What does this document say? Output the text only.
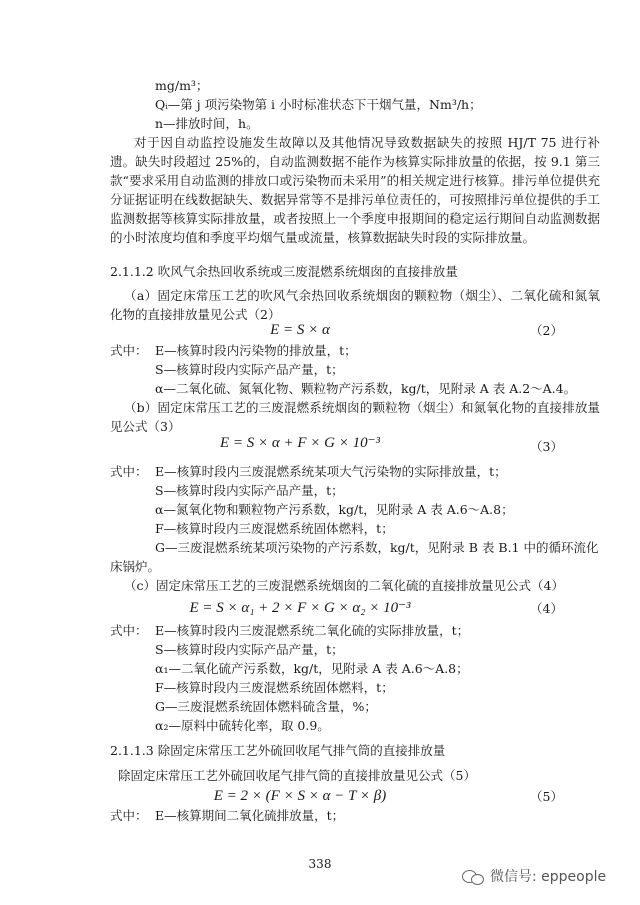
mg/m³；
Qᵢ—第 j 项污染物第 i 小时标准状态下干烟气量，Nm³/h；
n—排放时间，h。
对于因自动监控设施发生故障以及其他情况导致数据缺失的按照 HJ/T 75 进行补遗。缺失时段超过 25%的，自动监测数据不能作为核算实际排放量的依据，按 9.1 第三款“要求采用自动监测的排放口或污染物而未采用”的相关规定进行核算。排污单位提供充分证据证明在线数据缺失、数据异常等不是排污单位责任的，可按照排污单位提供的手工监测数据等核算实际排放量，或者按照上一个季度申报期间的稳定运行期间自动监测数据的小时浓度均值和季度平均烟气量或流量，核算数据缺失时段的实际排放量。
2.1.1.2 吹风气余热回收系统或三废混燃系统烟囱的直接排放量
（a）固定床常压工艺的吹风气余热回收系统烟囱的颗粒物（烟尘）、二氧化硫和氮氧化物的直接排放量见公式（2）
E = S × α	（2）
式中： E—核算时段内污染物的排放量，t；
S—核算时段内实际产品产量，t；
α—二氧化硫、氮氧化物、颗粒物产污系数，kg/t，见附录 A 表 A.2～A.4。
（b）固定床常压工艺的三废混燃系统烟囱的颗粒物（烟尘）和氮氧化物的直接排放量见公式（3）
E = S × α + F × G × 10⁻³	（3）
式中： E—核算时段内三废混燃系统某项大气污染物的实际排放量，t；
S—核算时段内实际产品产量，t；
α—氮氧化物和颗粒物产污系数，kg/t，见附录 A 表 A.6～A.8；
F—核算时段内三废混燃系统固体燃料，t；
G—三废混燃系统某项污染物的产污系数，kg/t，见附录 B 表 B.1 中的循环流化
床锅炉。
（c）固定床常压工艺的三废混燃系统烟囱的二氧化硫的直接排放量见公式（4）
E = S × α₁ + 2 × F × G × α₂ × 10⁻³	（4）
式中： E—核算时段内三废混燃系统二氧化硫的实际排放量，t；
S—核算时段内实际产品产量，t；
α₁—二氧化硫产污系数，kg/t，见附录 A 表 A.6～A.8；
F—核算时段内三废混燃系统固体燃料，t；
G—三废混燃系统固体燃料硫含量，%；
α₂—原料中硫转化率，取 0.9。
2.1.1.3 除固定床常压工艺外硫回收尾气排气筒的直接排放量
除固定床常压工艺外硫回收尾气排气筒的直接排放量见公式（5）
E = 2 × (F × S × α − T × β)	（5）
式中： E—核算期间二氧化硫排放量，t；
338
微信号: eppeople
